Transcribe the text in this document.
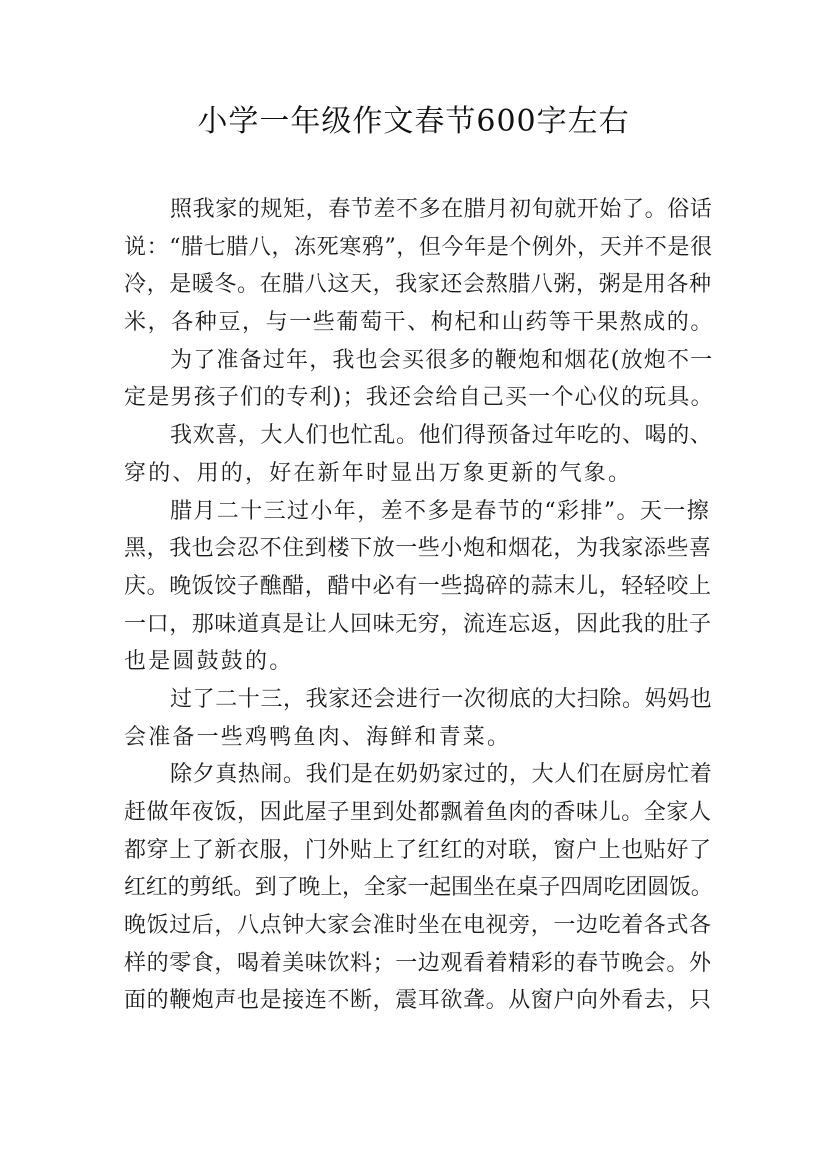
小学一年级作文春节600字左右
照我家的规矩，春节差不多在腊月初旬就开始了。俗话
说：“腊七腊八，冻死寒鸦”，但今年是个例外，天并不是很
冷，是暖冬。在腊八这天，我家还会熬腊八粥，粥是用各种
米，各种豆，与一些葡萄干、枸杞和山药等干果熬成的。
为了准备过年，我也会买很多的鞭炮和烟花(放炮不一
定是男孩子们的专利)；我还会给自己买一个心仪的玩具。
我欢喜，大人们也忙乱。他们得预备过年吃的、喝的、
穿的、用的，好在新年时显出万象更新的气象。
腊月二十三过小年，差不多是春节的“彩排”。天一擦
黑，我也会忍不住到楼下放一些小炮和烟花，为我家添些喜
庆。晚饭饺子醮醋，醋中必有一些捣碎的蒜末儿，轻轻咬上
一口，那味道真是让人回味无穷，流连忘返，因此我的肚子
也是圆鼓鼓的。
过了二十三，我家还会进行一次彻底的大扫除。妈妈也
会准备一些鸡鸭鱼肉、海鲜和青菜。
除夕真热闹。我们是在奶奶家过的，大人们在厨房忙着
赶做年夜饭，因此屋子里到处都飘着鱼肉的香味儿。全家人
都穿上了新衣服，门外贴上了红红的对联，窗户上也贴好了
红红的剪纸。到了晚上，全家一起围坐在桌子四周吃团圆饭。
晚饭过后，八点钟大家会准时坐在电视旁，一边吃着各式各
样的零食，喝着美味饮料；一边观看着精彩的春节晚会。外
面的鞭炮声也是接连不断，震耳欲聋。从窗户向外看去，只
